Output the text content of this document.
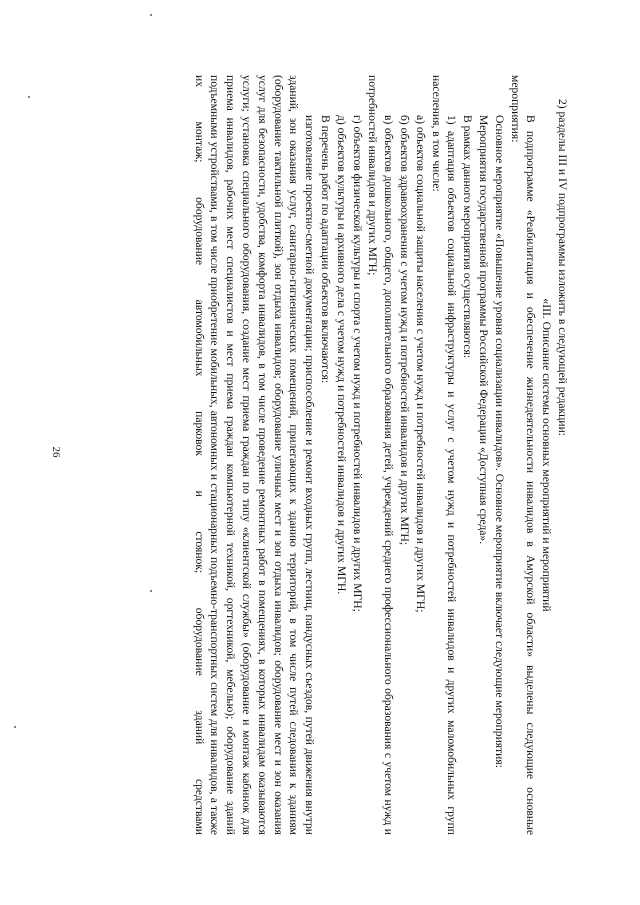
26

2) разделы III и IV подпрограммы изложить в следующей редакции:

«III. Описание системы основных мероприятий и мероприятий

В подпрограмме «Реабилитация и обеспечение жизнедеятельности инвалидов в Амурской области» выделены следующие основные мероприятия:

Основное мероприятие «Повышение уровня социализации инвалидов». Основное мероприятие включает следующие мероприятия:

Мероприятия государственной программы Российской Федерации «Доступная среда».

В рамках данного мероприятия осуществляются:

1) адаптация объектов социальной инфраструктуры и услуг с учетом нужд и потребностей инвалидов и других маломобильных групп населения, в том числе:

а) объектов социальной защиты населения с учетом нужд и потребностей инвалидов и других МГН;

б) объектов здравоохранения с учетом нужд и потребностей инвалидов и других МГН;

в) объектов дошкольного, общего, дополнительного образования детей, учреждений среднего профессионального образования с учетом нужд и потребностей инвалидов и других МГН;

г) объектов физической культуры и спорта с учетом нужд и потребностей инвалидов и других МГН;

д) объектов культуры и архивного дела с учетом нужд и потребностей инвалидов и других МГН.

В перечень работ по адаптации объектов включаются:

изготовление проектно-сметной документации; приспособление и ремонт входных групп, лестниц, пандусных съездов, путей движения внутри зданий, зон оказания услуг, санитарно-гигиенических помещений, прилегающих к зданию территорий, в том числе путей следования к зданиям (оборудование тактильной плиткой), зон отдыха инвалидов; оборудование уличных мест и зон отдыха инвалидов; оборудование мест и зон оказания услуг для безопасности, удобства, комфорта инвалидов, в том числе проведение ремонтных работ в помещениях, в которых инвалидам оказываются услуги; установка специального оборудования, создание мест приема граждан по типу «клиентской службы» (оборудование и монтаж кабинок для приема инвалидов, рабочих мест специалистов и мест приема граждан компьютерной техникой, оргтехникой, мебелью); оборудование зданий подъемными устройствами, в том числе приобретение мобильных, автономных и стационарных подъемно-транспортных систем для инвалидов, а также их монтаж; оборудование автомобильных парковок и стоянок; оборудование зданий средствами
